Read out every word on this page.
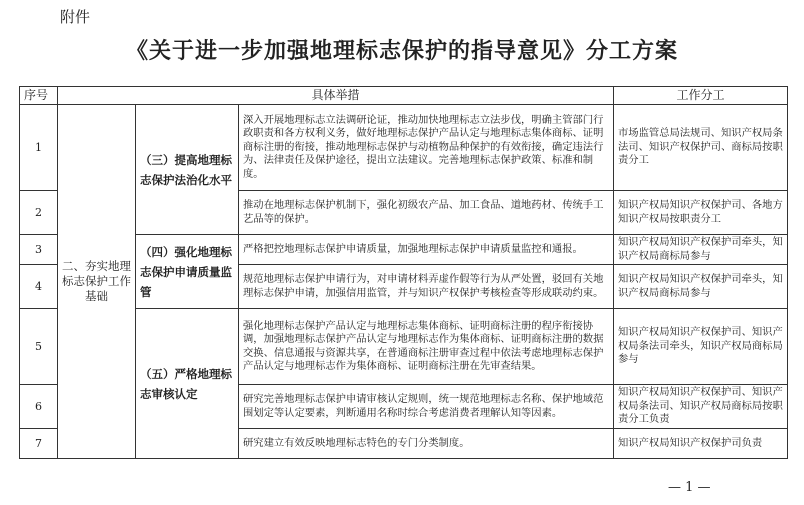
附件
《关于进一步加强地理标志保护的指导意见》分工方案
序号	具体举措			工作分工
1	二、夯实地理标志保护工作基础	（三）提高地理标志保护法治化水平	深入开展地理标志立法调研论证，推动加快地理标志立法步伐，明确主管部门行政职责和各方权利义务，做好地理标志保护产品认定与地理标志集体商标、证明商标注册的衔接，推动地理标志保护与动植物品种保护的有效衔接，确定违法行为、法律责任及保护途径，提出立法建议。完善地理标志保护政策、标准和制度。	市场监管总局法规司、知识产权局条法司、知识产权保护司、商标局按职责分工
2			推动在地理标志保护机制下，强化初级农产品、加工食品、道地药材、传统手工艺品等的保护。	知识产权局知识产权保护司、各地方知识产权局按职责分工
3		（四）强化地理标志保护申请质量监管	严格把控地理标志保护申请质量，加强地理标志保护申请质量监控和通报。	知识产权局知识产权保护司牵头，知识产权局商标局参与
4			规范地理标志保护申请行为，对申请材料弄虚作假等行为从严处置，驳回有关地理标志保护申请，加强信用监管，并与知识产权保护考核检查等形成联动约束。	知识产权局知识产权保护司牵头，知识产权局商标局参与
5		（五）严格地理标志审核认定	强化地理标志保护产品认定与地理标志集体商标、证明商标注册的程序衔接协调，加强地理标志保护产品认定与地理标志作为集体商标、证明商标注册的数据交换、信息通报与资源共享，在普通商标注册审查过程中依法考虑地理标志保护产品认定与地理标志作为集体商标、证明商标注册在先审查结果。	知识产权局知识产权保护司、知识产权局条法司牵头，知识产权局商标局参与
6			研究完善地理标志保护申请审核认定规则，统一规范地理标志名称、保护地域范围划定等认定要素，判断通用名称时综合考虑消费者理解认知等因素。	知识产权局知识产权保护司、知识产权局条法司、知识产权局商标局按职责分工负责
7			研究建立有效反映地理标志特色的专门分类制度。	知识产权局知识产权保护司负责
— 1 —
